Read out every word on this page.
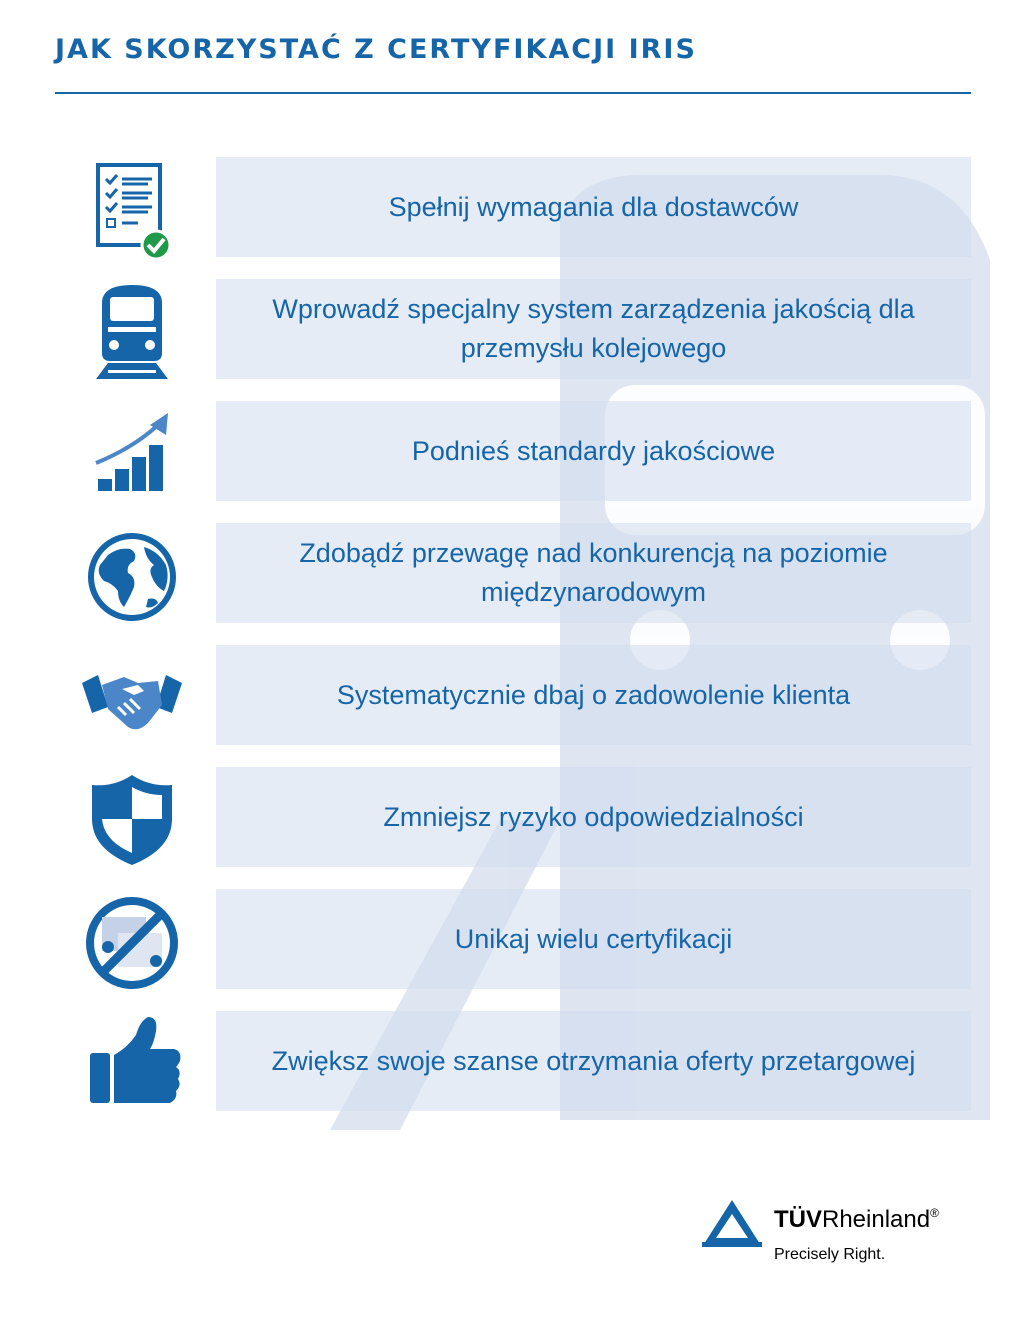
JAK SKORZYSTAĆ Z CERTYFIKACJI IRIS
Spełnij wymagania dla dostawców
Wprowadź specjalny system zarządzenia jakością dla przemysłu kolejowego
Podnieś standardy jakościowe
Zdobądź przewagę nad konkurencją na poziomie międzynarodowym
Systematycznie dbaj o zadowolenie klienta
Zmniejsz ryzyko odpowiedzialności
Unikaj wielu certyfikacji
Zwiększ swoje szanse otrzymania oferty przetargowej
TÜVRheinland®
Precisely Right.
